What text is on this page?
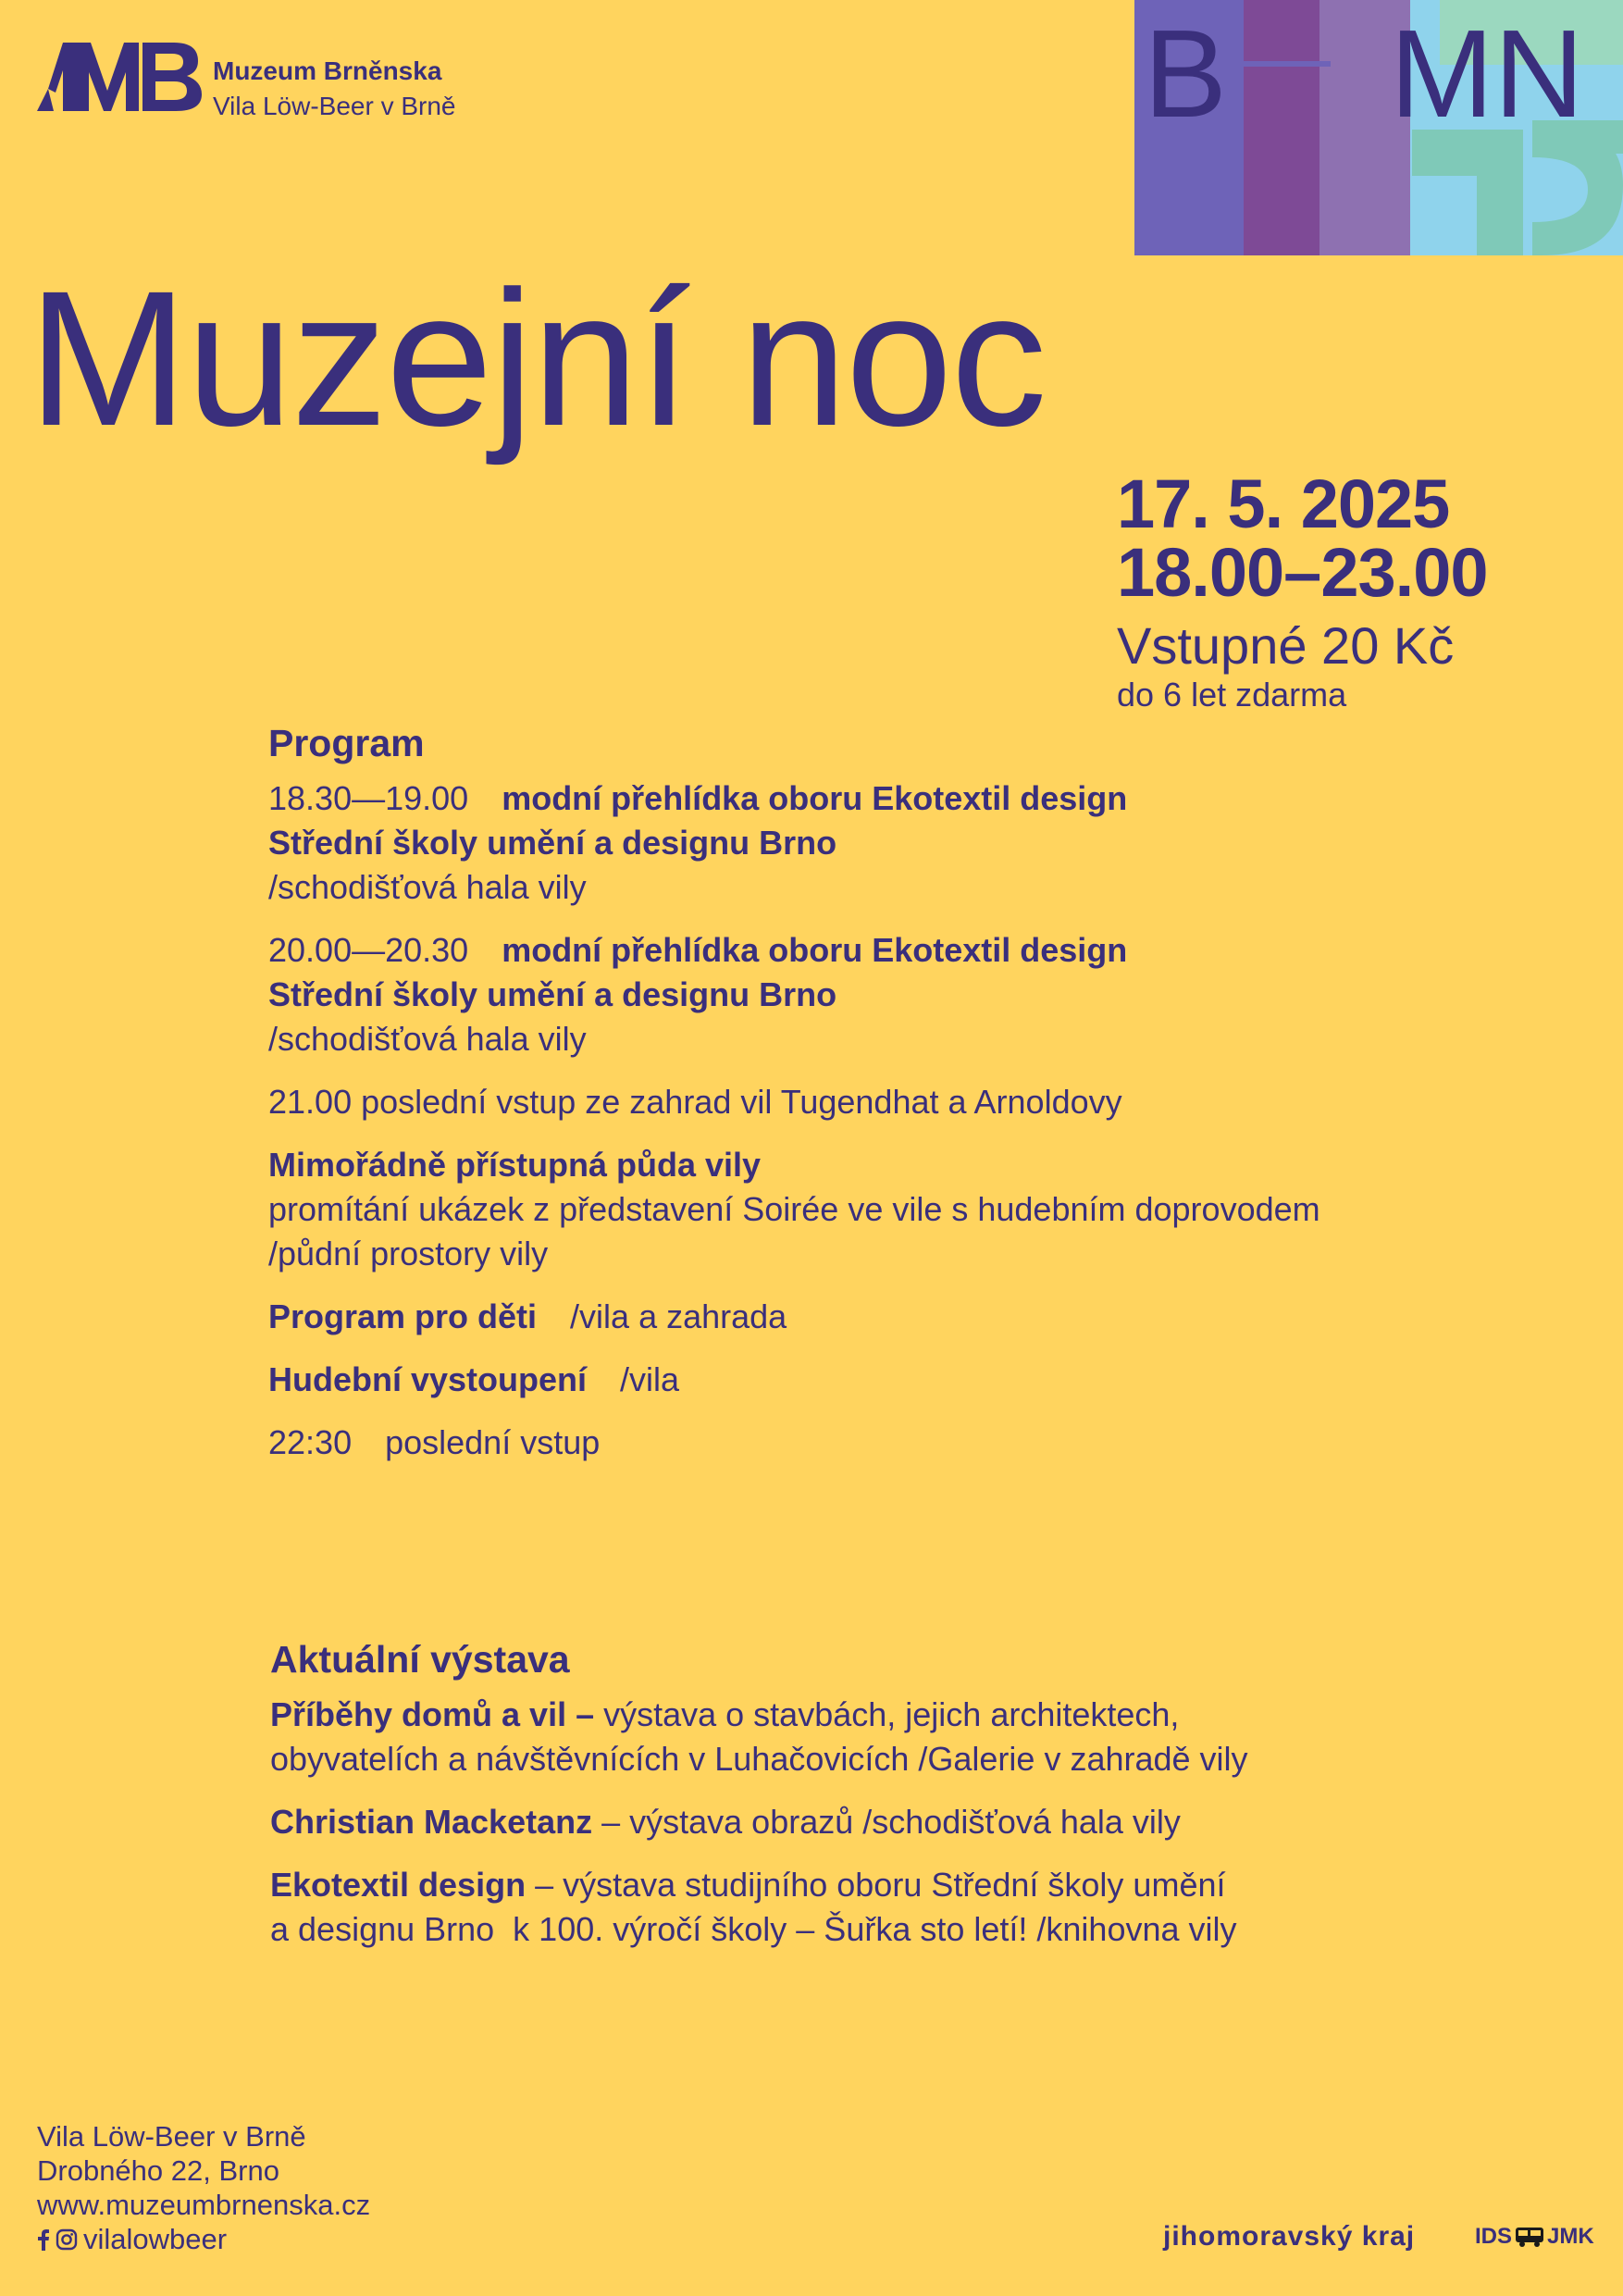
Muzeum Brněnska
Vila Löw-Beer v Brně	B MN
Muzejní noc
17. 5. 2025
18.00–23.00
Vstupné 20 Kč
do 6 let zdarma
Program
18.30—19.00 modní přehlídka oboru Ekotextil design
Střední školy umění a designu Brno
/schodišťová hala vily
20.00—20.30 modní přehlídka oboru Ekotextil design
Střední školy umění a designu Brno
/schodišťová hala vily
21.00 poslední vstup ze zahrad vil Tugendhat a Arnoldovy
Mimořádně přístupná půda vily
promítání ukázek z představení Soirée ve vile s hudebním doprovodem
/půdní prostory vily
Program pro děti /vila a zahrada
Hudební vystoupení /vila
22:30 poslední vstup
Aktuální výstava
Příběhy domů a vil – výstava o stavbách, jejich architektech,
obyvatelích a návštěvnících v Luhačovicích /Galerie v zahradě vily
Christian Macketanz – výstava obrazů /schodišťová hala vily
Ekotextil design – výstava studijního oboru Střední školy umění
a designu Brno  k 100. výročí školy – Šuřka sto letí! /knihovna vily
Vila Löw-Beer v Brně
Drobného 22, Brno
www.muzeumbrnenska.cz
vilalowbeer	jihomoravský kraj	IDS JMK
